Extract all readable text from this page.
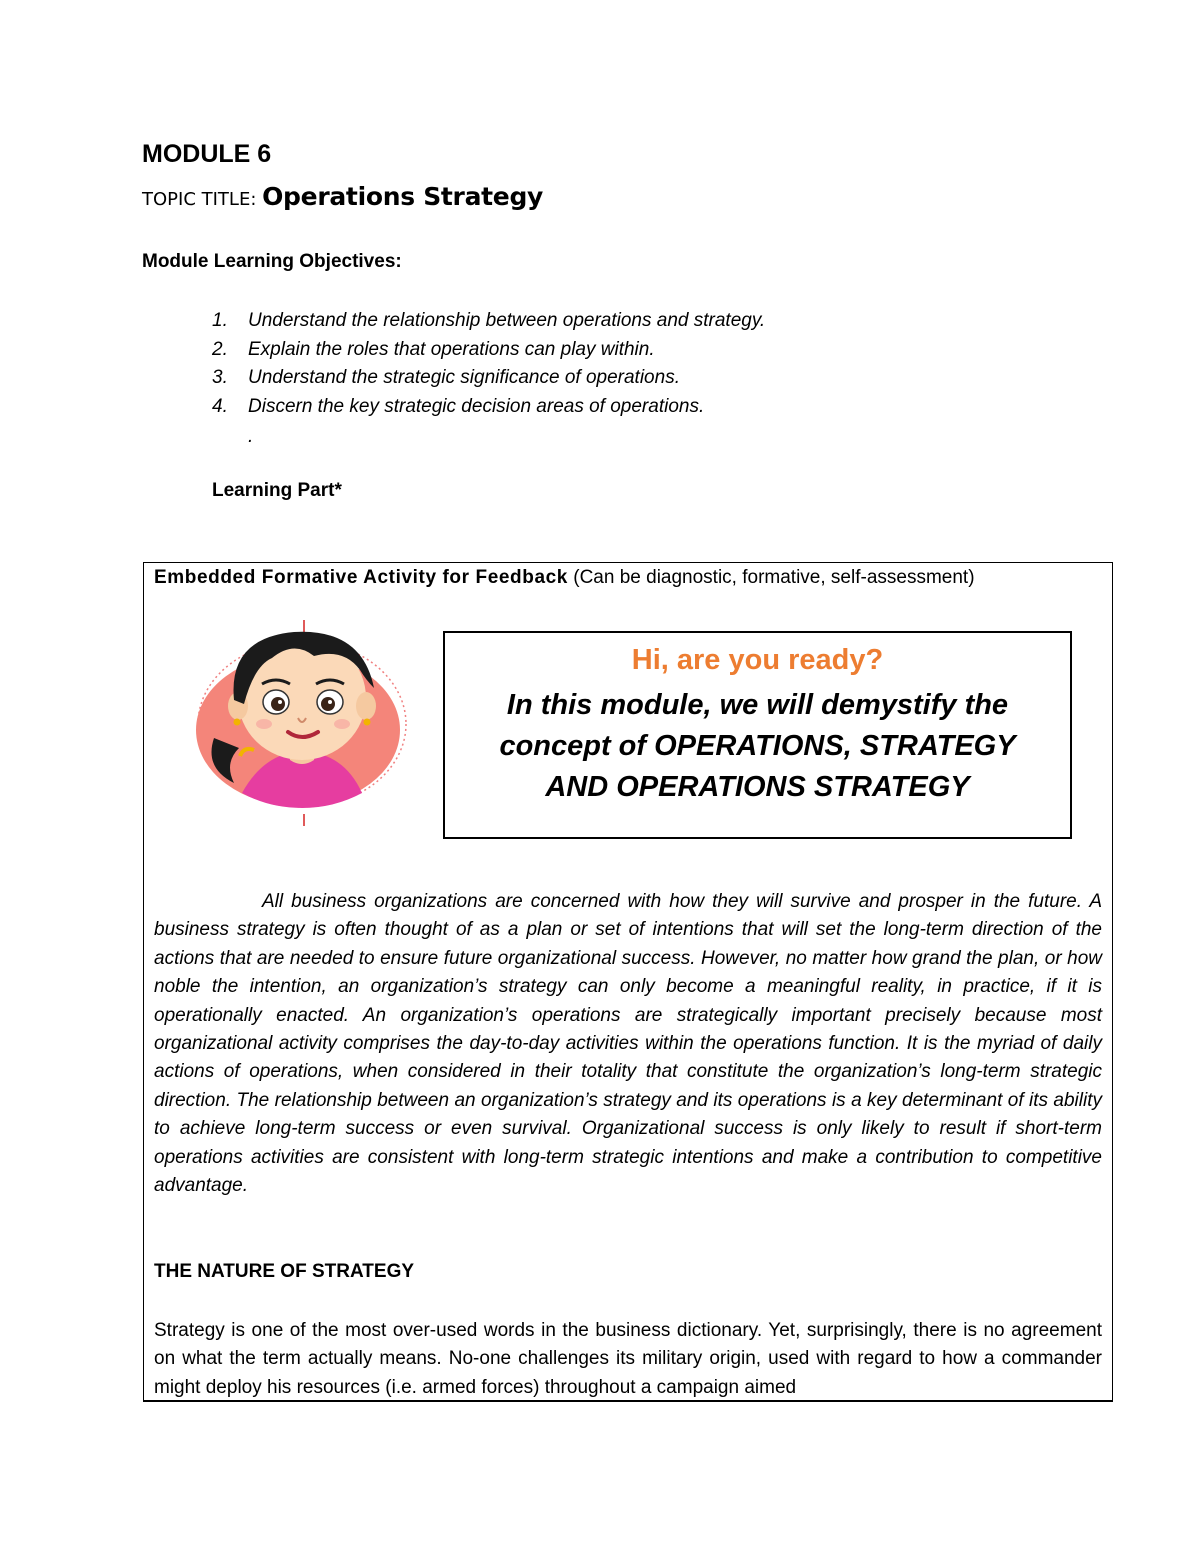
MODULE 6
TOPIC TITLE: Operations Strategy
Module Learning Objectives:
1. Understand the relationship between operations and strategy.
2. Explain the roles that operations can play within.
3. Understand the strategic significance of operations.
4. Discern the key strategic decision areas of operations.
.
Learning Part*
Embedded Formative Activity for Feedback (Can be diagnostic, formative, self-assessment)
Hi, are you ready?
In this module, we will demystify the concept of OPERATIONS, STRATEGY AND OPERATIONS STRATEGY

All business organizations are concerned with how they will survive and prosper in the future. A business strategy is often thought of as a plan or set of intentions that will set the long-term direction of the actions that are needed to ensure future organizational success. However, no matter how grand the plan, or how noble the intention, an organization’s strategy can only become a meaningful reality, in practice, if it is operationally enacted. An organization’s operations are strategically important precisely because most organizational activity comprises the day-to-day activities within the operations function. It is the myriad of daily actions of operations, when considered in their totality that constitute the organization’s long-term strategic direction. The relationship between an organization’s strategy and its operations is a key determinant of its ability to achieve long-term success or even survival. Organizational success is only likely to result if short-term operations activities are consistent with long-term strategic intentions and make a contribution to competitive advantage.

THE NATURE OF STRATEGY

Strategy is one of the most over-used words in the business dictionary. Yet, surprisingly, there is no agreement on what the term actually means. No-one challenges its military origin, used with regard to how a commander might deploy his resources (i.e. armed forces) throughout a campaign aimed
